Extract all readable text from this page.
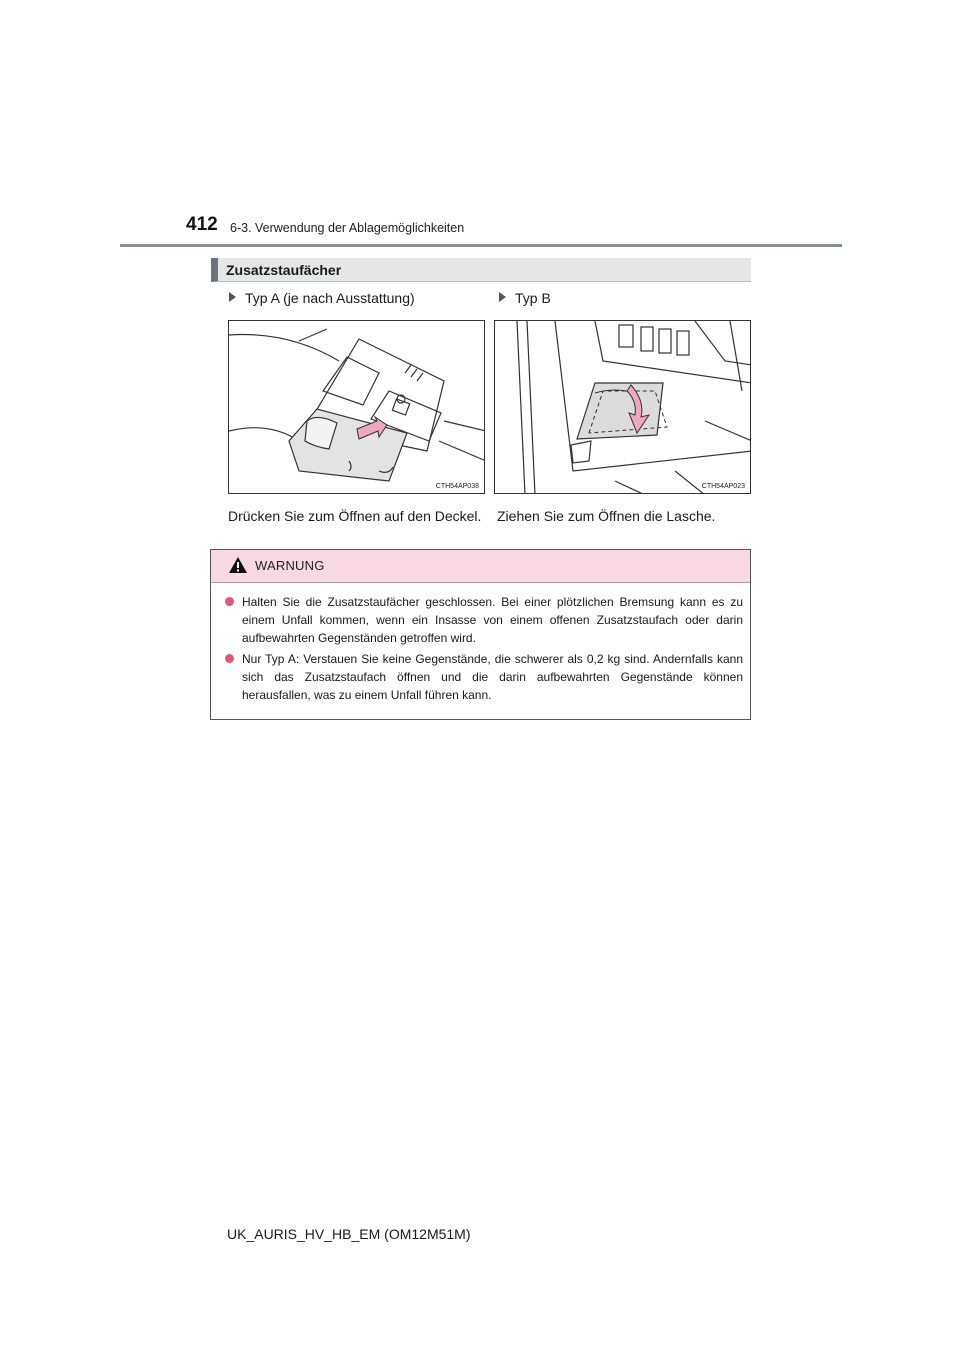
412 6-3. Verwendung der Ablagemöglichkeiten
Zusatzstaufächer
Typ A (je nach Ausstattung)
CTH54AP038
Drücken Sie zum Öffnen auf den Deckel.
Typ B
CTH54AP023
Ziehen Sie zum Öffnen die Lasche.
WARNUNG
Halten Sie die Zusatzstaufächer geschlossen. Bei einer plötzlichen Bremsung kann es zu einem Unfall kommen, wenn ein Insasse von einem offenen Zusatzstaufach oder darin aufbewahrten Gegenständen getroffen wird.
Nur Typ A: Verstauen Sie keine Gegenstände, die schwerer als 0,2 kg sind. Andernfalls kann sich das Zusatzstaufach öffnen und die darin aufbewahrten Gegenstände können herausfallen, was zu einem Unfall führen kann.
UK_AURIS_HV_HB_EM (OM12M51M)
